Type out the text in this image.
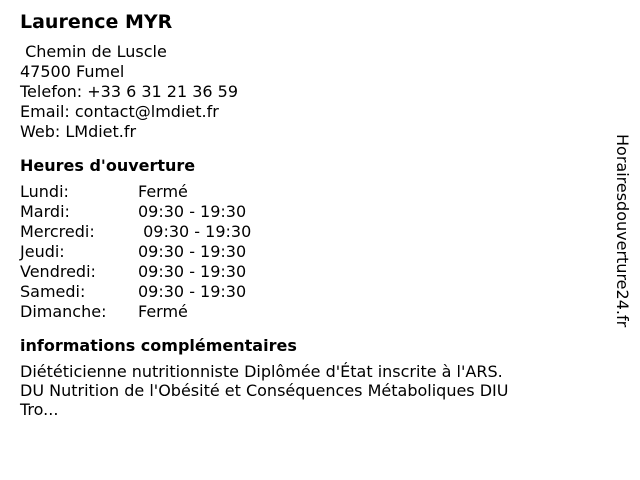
Laurence MYR
Chemin de Luscle
47500 Fumel
Telefon: +33 6 31 21 36 59
Email: contact@lmdiet.fr
Web: LMdiet.fr
Heures d'ouverture
Lundi:	Fermé
Mardi:	09:30 - 19:30
Mercredi:	09:30 - 19:30
Jeudi:	09:30 - 19:30
Vendredi:	09:30 - 19:30
Samedi:	09:30 - 19:30
Dimanche:	Fermé
informations complémentaires
Diététicienne nutritionniste Diplômée d'État inscrite à l'ARS. DU Nutrition de l'Obésité et Conséquences Métaboliques DIU Tro...
Horairesdouverture24.fr
